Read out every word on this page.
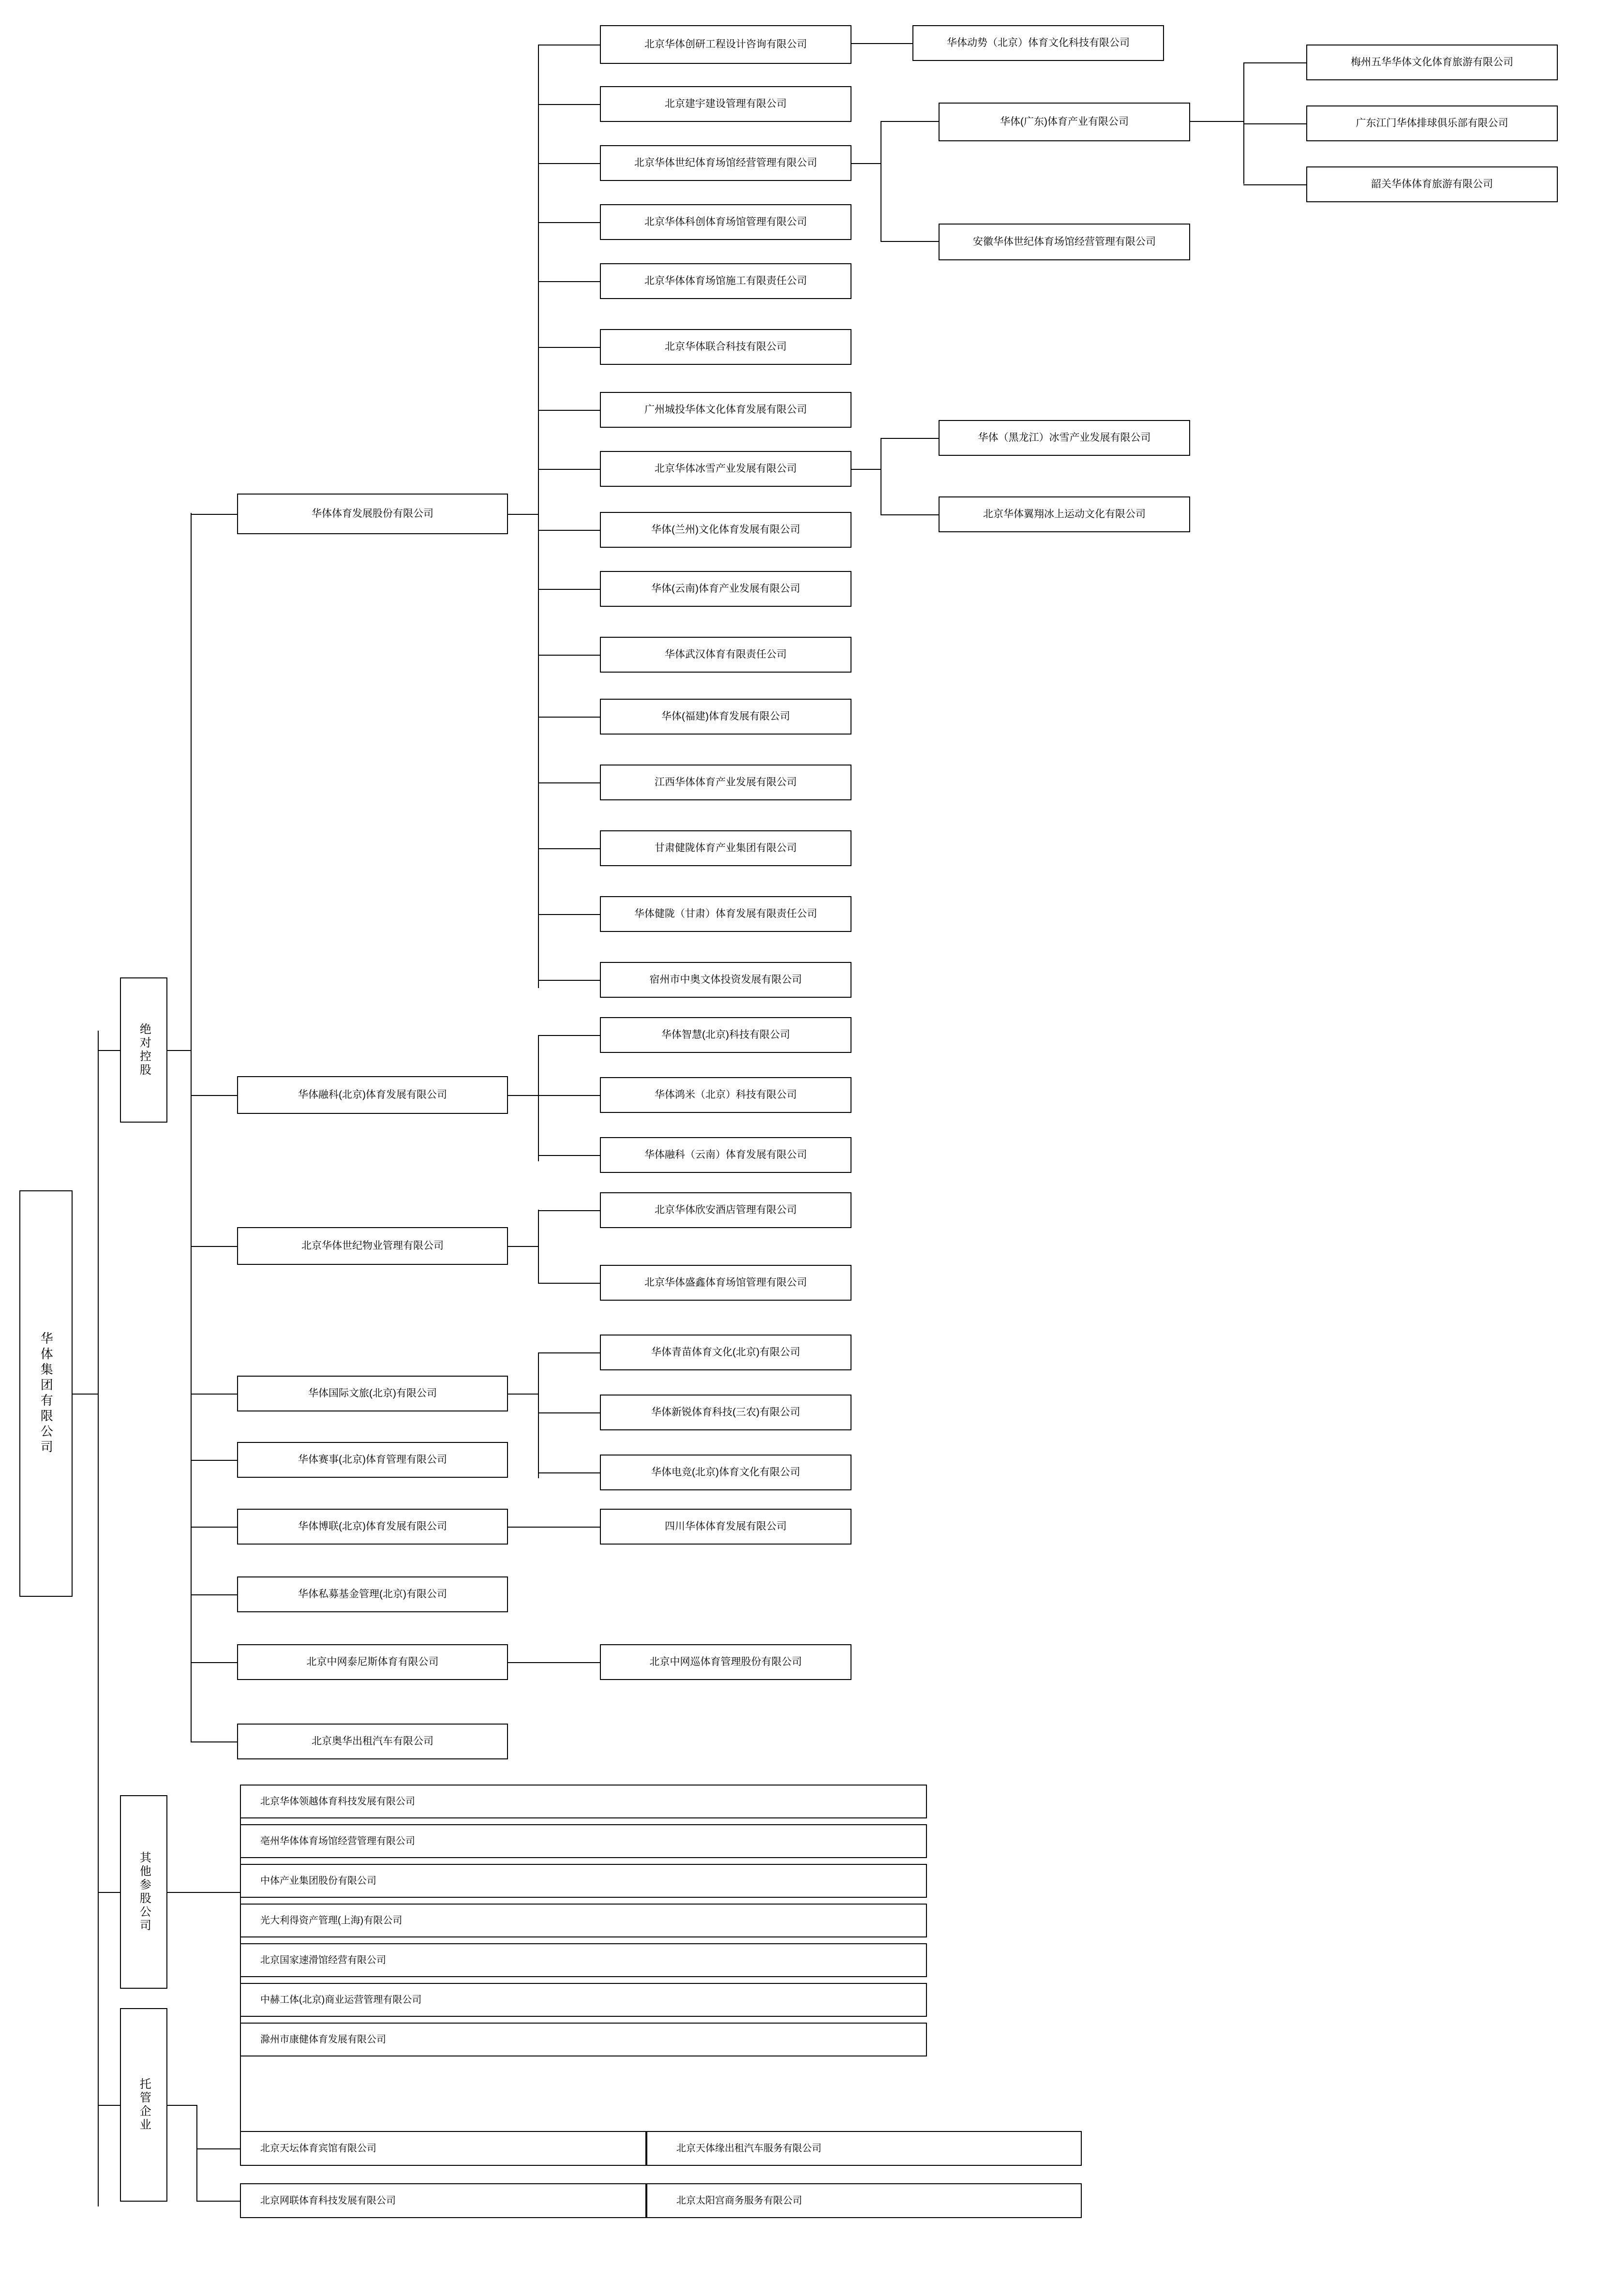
华体集团有限公司
绝对控股
其他参股公司
托管企业
华体体育发展股份有限公司
华体融科(北京)体育发展有限公司
北京华体世纪物业管理有限公司
华体国际文旅(北京)有限公司
华体赛事(北京)体育管理有限公司
华体博联(北京)体育发展有限公司
华体私募基金管理(北京)有限公司
北京中网泰尼斯体育有限公司
北京奥华出租汽车有限公司
北京华体创研工程设计咨询有限公司
北京建宇建设管理有限公司
北京华体世纪体育场馆经营管理有限公司
北京华体科创体育场馆管理有限公司
北京华体体育场馆施工有限责任公司
北京华体联合科技有限公司
广州城投华体文化体育发展有限公司
北京华体冰雪产业发展有限公司
华体(兰州)文化体育发展有限公司
华体(云南)体育产业发展有限公司
华体武汉体育有限责任公司
华体(福建)体育发展有限公司
江西华体体育产业发展有限公司
甘肃健陇体育产业集团有限公司
华体健陇（甘肃）体育发展有限责任公司
宿州市中奥文体投资发展有限公司
华体动势（北京）体育文化科技有限公司
华体(广东)体育产业有限公司
安徽华体世纪体育场馆经营管理有限公司
梅州五华华体文化体育旅游有限公司
广东江门华体排球俱乐部有限公司
韶关华体体育旅游有限公司
华体（黑龙江）冰雪产业发展有限公司
北京华体翼翔冰上运动文化有限公司
华体智慧(北京)科技有限公司
华体鸿米（北京）科技有限公司
华体融科（云南）体育发展有限公司
北京华体欣安酒店管理有限公司
北京华体盛鑫体育场馆管理有限公司
华体青苗体育文化(北京)有限公司
华体新锐体育科技(三农)有限公司
华体电竞(北京)体育文化有限公司
四川华体体育发展有限公司
北京中网巡体育管理股份有限公司
北京华体领越体育科技发展有限公司
亳州华体体育场馆经营管理有限公司
中体产业集团股份有限公司
光大利得资产管理(上海)有限公司
北京国家速滑馆经营有限公司
中赫工体(北京)商业运营管理有限公司
滁州市康健体育发展有限公司
北京天坛体育宾馆有限公司
北京网联体育科技发展有限公司
北京天体缘出租汽车服务有限公司
北京太阳宫商务服务有限公司
